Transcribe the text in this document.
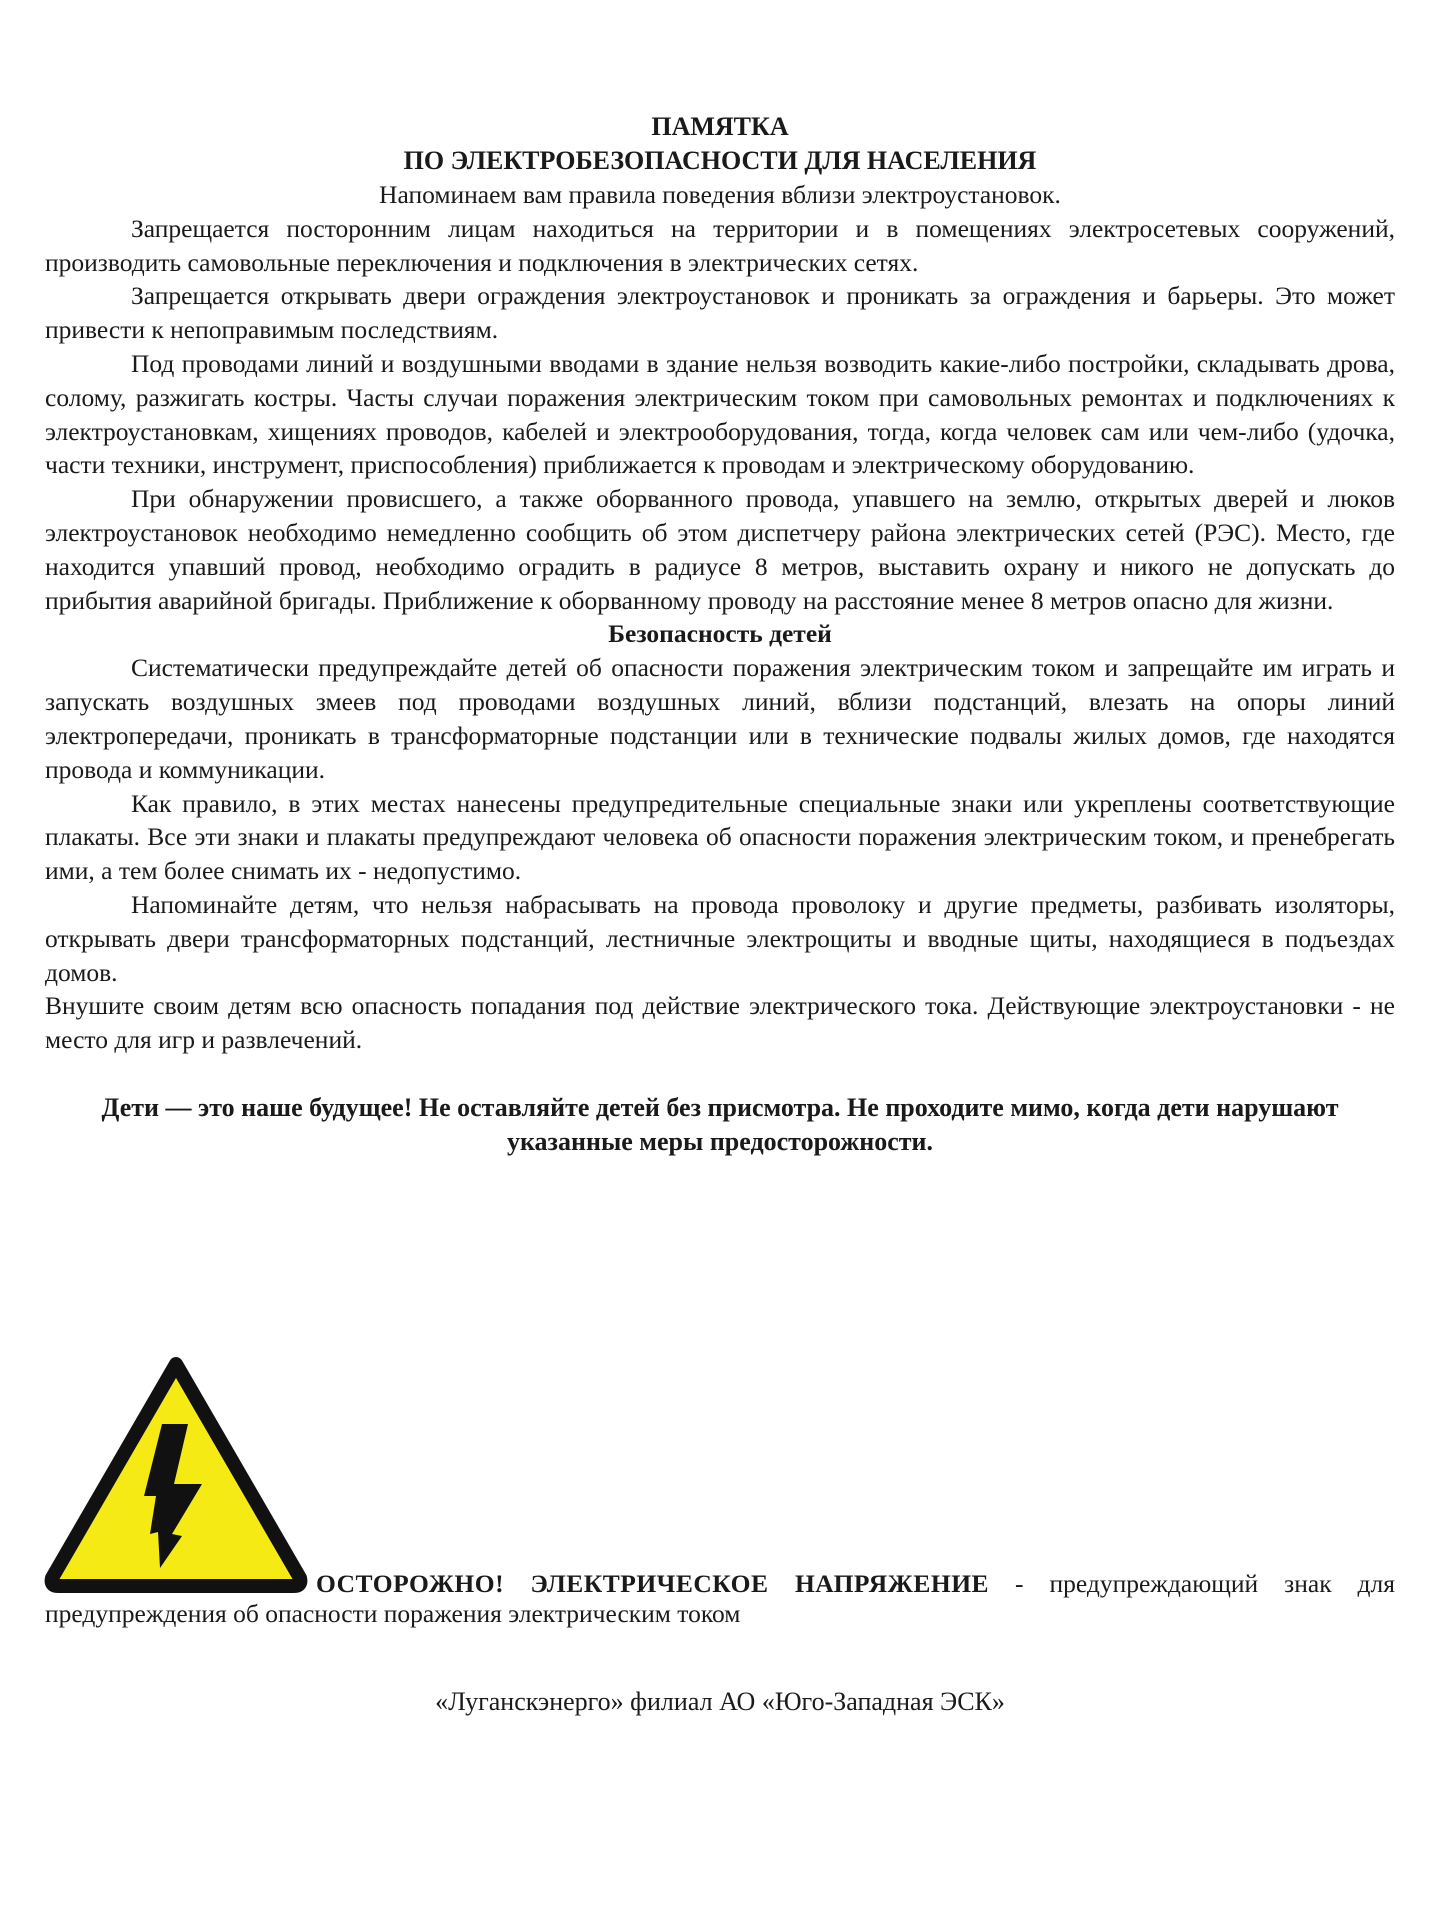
ПАМЯТКА
ПО ЭЛЕКТРОБЕЗОПАСНОСТИ ДЛЯ НАСЕЛЕНИЯ

Напоминаем вам правила поведения вблизи электроустановок.

Запрещается посторонним лицам находиться на территории и в помещениях электросетевых сооружений, производить самовольные переключения и подключения в электрических сетях.

Запрещается открывать двери ограждения электроустановок и проникать за ограждения и барьеры. Это может привести к непоправимым последствиям.

Под проводами линий и воздушными вводами в здание нельзя возводить какие-либо постройки, складывать дрова, солому, разжигать костры. Часты случаи поражения электрическим током при самовольных ремонтах и подключениях к электроустановкам, хищениях проводов, кабелей и электрооборудования, тогда, когда человек сам или чем-либо (удочка, части техники, инструмент, приспособления) приближается к проводам и электрическому оборудованию.

При обнаружении провисшего, а также оборванного провода, упавшего на землю, открытых дверей и люков электроустановок необходимо немедленно сообщить об этом диспетчеру района электрических сетей (РЭС). Место, где находится упавший провод, необходимо оградить в радиусе 8 метров, выставить охрану и никого не допускать до прибытия аварийной бригады. Приближение к оборванному проводу на расстояние менее 8 метров опасно для жизни.

Безопасность детей

Систематически предупреждайте детей об опасности поражения электрическим током и запрещайте им играть и запускать воздушных змеев под проводами воздушных линий, вблизи подстанций, влезать на опоры линий электропередачи, проникать в трансформаторные подстанции или в технические подвалы жилых домов, где находятся провода и коммуникации.

Как правило, в этих местах нанесены предупредительные специальные знаки или укреплены соответствующие плакаты. Все эти знаки и плакаты предупреждают человека об опасности поражения электрическим током, и пренебрегать ими, а тем более снимать их - недопустимо.

Напоминайте детям, что нельзя набрасывать на провода проволоку и другие предметы, разбивать изоляторы, открывать двери трансформаторных подстанций, лестничные электрощиты и вводные щиты, находящиеся в подъездах домов.

Внушите своим детям всю опасность попадания под действие электрического тока. Действующие электроустановки - не место для игр и развлечений.

Дети — это наше будущее! Не оставляйте детей без присмотра. Не проходите мимо, когда дети нарушают указанные меры предосторожности.

ОСТОРОЖНО! ЭЛЕКТРИЧЕСКОЕ НАПРЯЖЕНИЕ - предупреждающий знак для
предупреждения об опасности поражения электрическим током
«Луганскэнерго» филиал АО «Юго-Западная ЭСК»
